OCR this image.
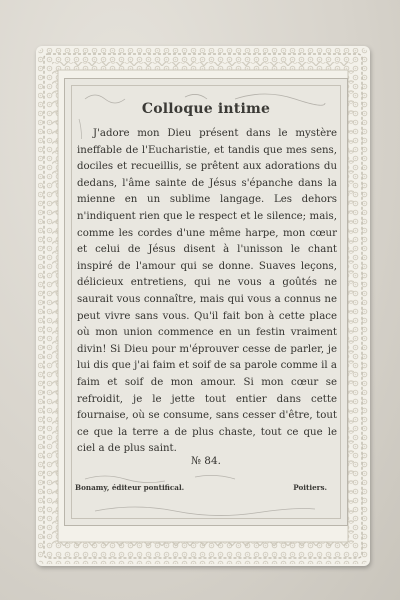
Colloque intime
J'adore mon Dieu présent dans le mystère ineffable de l'Eucharistie, et tandis que mes sens, dociles et recueillis, se prêtent aux adorations du dedans, l'âme sainte de Jésus s'épanche dans la mienne en un sublime langage. Les dehors n'indiquent rien que le respect et le silence; mais, comme les cordes d'une même harpe, mon cœur et celui de Jésus disent à l'unisson le chant inspiré de l'amour qui se donne. Suaves leçons, délicieux entretiens, qui ne vous a goûtés ne saurait vous connaître, mais qui vous a connus ne peut vivre sans vous. Qu'il fait bon à cette place où mon union commence en un festin vraiment divin! Si Dieu pour m'éprouver cesse de parler, je lui dis que j'ai faim et soif de sa parole comme il a faim et soif de mon amour. Si mon cœur se refroidit, je le jette tout entier dans cette fournaise, où se consume, sans cesser d'être, tout ce que la terre a de plus chaste, tout ce que le ciel a de plus saint.
№ 84.
Bonamy, éditeur pontifical.	Poitiers.
